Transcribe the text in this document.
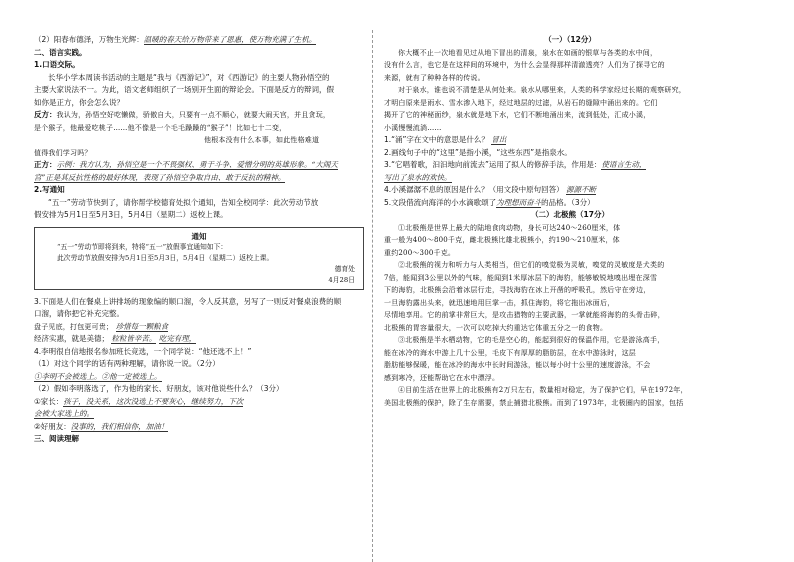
（2）阳春布德泽，万物生光辉：温暖的春天给万物带来了恩惠，使万物充满了生机。

二、语言实践。

1.口语交际。

长华小学本周读书活动的主题是“我与《西游记》”，对《西游记》的主要人物孙悟空的

主要大家说法不一。为此，语文老师组织了一场别开生面的辩论会。下面是反方的辩词，假

如你是正方，你会怎么说？

反方：我认为，孙悟空好吃懒做，骄傲自大，只要有一点不顺心，就要大闹天宫，并且贪玩，

是个猴子，他最爱吃桃子……他不像是一个毛毛躁躁的“猴子”！比如七十二变，

他根本没有什么本事，如此性格难道

值得我们学习吗？

正方：示例：我方认为，孙悟空是一个不畏强权、勇于斗争、爱憎分明的英雄形象。“大闹天

宫”正是其反抗性格的最好体现，表现了孙悟空争取自由、敢于反抗的精神。

2.写通知

“五一”劳动节快到了，请你帮学校德育处拟个通知，告知全校同学：此次劳动节放

假安排为5月1日至5月3日，5月4日（星期二）返校上课。

通知

“五一”劳动节即将到来，特将“五一”放假事宜通知如下：

此次劳动节放假安排为5月1日至5月3日，5月4日（星期二）返校上课。

德育处

4月28日

3.下面是人们在餐桌上讲排场的现象编的顺口溜，令人反其意，另写了一则反对餐桌浪费的顺

口溜，请你把它补充完整。

盘子见底，打包更可贵； 珍惜每一颗粮食

经济实惠，就是美德； 粒粒皆辛苦。 吃完有理，

4.李明很自信地报名参加班长竞选，一个同学说：“他还选不上！”

（1）对这个同学的话有两种理解，请你说一说。（2分）

①李明不会被选上。②他一定被选上。

（2）假如李明落选了，作为他的家长、好朋友，该对他说些什么？（3分）

①家长：孩子，没关系，这次没选上不要灰心，继续努力，下次

会被大家选上的。

②好朋友：没事的，我们相信你，加油！

三、阅读理解

（一）（12分）

你大概不止一次地看见过从地下冒出的清泉，泉水在如画的银草与各类的水中间，

没有什么言，也它是在这样间的环境中，为什么会显得那样清澈透亮？人们为了探寻它的

来源，就有了种种各样的传说。

对于泉水，谁也说不清楚是从何处来。泉水从哪里来，人类的科学家经过长期的观察研究，

才明白原来是雨水、雪水渗入地下，经过地层的过滤，从岩石的缝隙中涌出来的。它们

揭开了它的神秘面纱，泉水就是地下水，它们不断地涌出来，流到低处，汇成小溪，

小溪慢慢流淌……

1.“涌”字在文中的意思是什么？ 冒出

2.画线句子中的“这里”是指小溪，“这些东西”是指泉水。

3.“它唱着歌，汩汩地向前流去”运用了拟人的修辞手法，作用是：使语言生动，

写出了泉水的欢快。

4.小溪潺潺不息的原因是什么？（用文段中原句回答） 源源不断

5.文段借流向海洋的小水滴歌颂了为理想而奋斗的品格。（3分）

（二）北极熊（17分）

①北极熊是世界上最大的陆地食肉动物，身长可达240～260厘米，体

重一般为400～800千克，雌北极熊比雄北极熊小，约190～210厘米，体

重约200～300千克。

②北极熊的视力和听力与人类相当，但它们的嗅觉极为灵敏，嗅觉的灵敏度是犬类的

7倍，能闻到3公里以外的气味，能闻到1米厚冰层下的海豹，能够敏锐地嗅出埋在深雪

下的海豹，北极熊会沿着冰层行走，寻找海豹在冰上开凿的呼吸孔，然后守在旁边，

一旦海豹露出头来，就迅速地用巨掌一击，抓住海豹，将它拖出冰面后，

尽情地享用。它的前掌非常巨大，是攻击猎物的主要武器，一掌就能将海豹的头骨击碎，

北极熊的胃容量很大，一次可以吃掉大约重达它体重五分之一的食物。

③北极熊是半水栖动物，它的毛是空心的，能起到很好的保温作用，它是游泳高手，

能在冰冷的海水中游上几十公里，毛皮下有厚厚的脂肪层，在水中游泳时，这层

脂肪能够保暖，能在冰冷的海水中长时间游泳，能以每小时十公里的速度游泳，不会

感到寒冷，还能帮助它在水中漂浮。

④目前生活在世界上的北极熊有2万只左右，数量相对稳定，为了保护它们，早在1972年，

美国北极熊的保护，除了生存需要，禁止捕猎北极熊。而到了1973年，北极圈内的国家，包括
